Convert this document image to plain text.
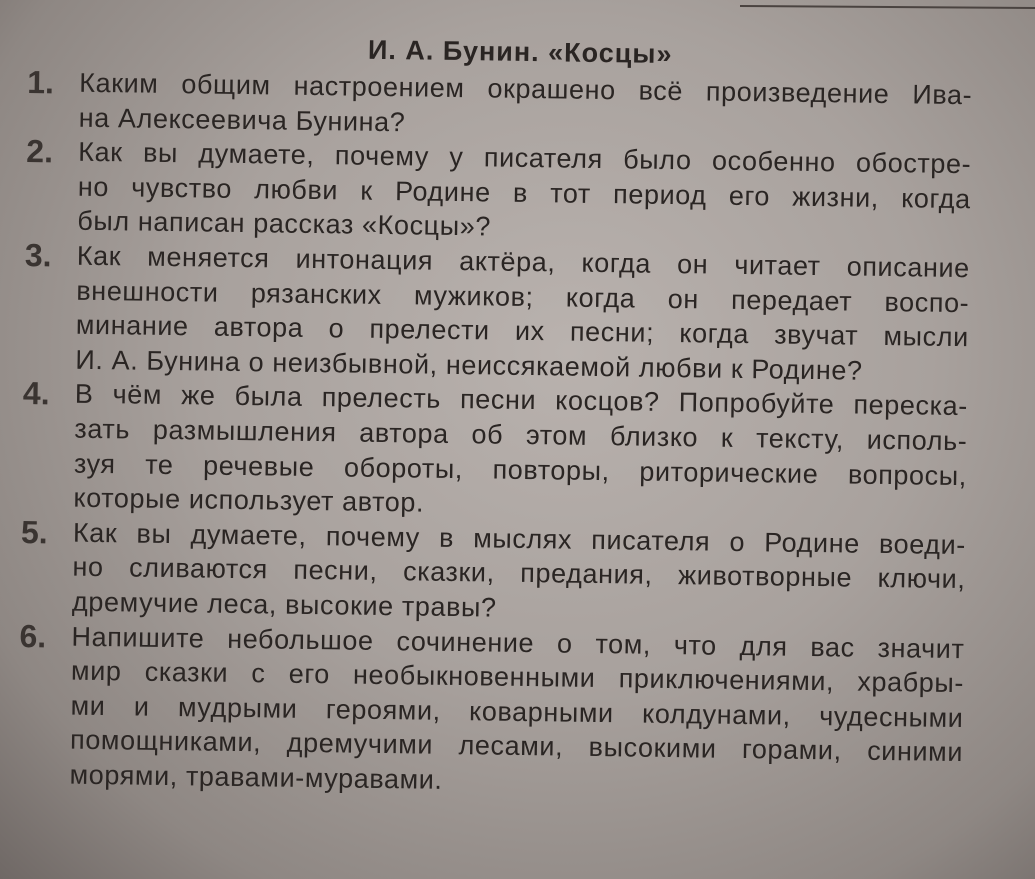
И. А. Бунин. «Косцы»
1. Каким общим настроением окрашено всё произведение Ива-
на Алексеевича Бунина?
2. Как вы думаете, почему у писателя было особенно обостре-
но чувство любви к Родине в тот период его жизни, когда
был написан рассказ «Косцы»?
3. Как меняется интонация актёра, когда он читает описание
внешности рязанских мужиков; когда он передает воспо-
минание автора о прелести их песни; когда звучат мысли
И. А. Бунина о неизбывной, неиссякаемой любви к Родине?
4. В чём же была прелесть песни косцов? Попробуйте переска-
зать размышления автора об этом близко к тексту, исполь-
зуя те речевые обороты, повторы, риторические вопросы,
которые использует автор.
5. Как вы думаете, почему в мыслях писателя о Родине воеди-
но сливаются песни, сказки, предания, животворные ключи,
дремучие леса, высокие травы?
6. Напишите небольшое сочинение о том, что для вас значит
мир сказки с его необыкновенными приключениями, храбры-
ми и мудрыми героями, коварными колдунами, чудесными
помощниками, дремучими лесами, высокими горами, синими
морями, травами-муравами.
